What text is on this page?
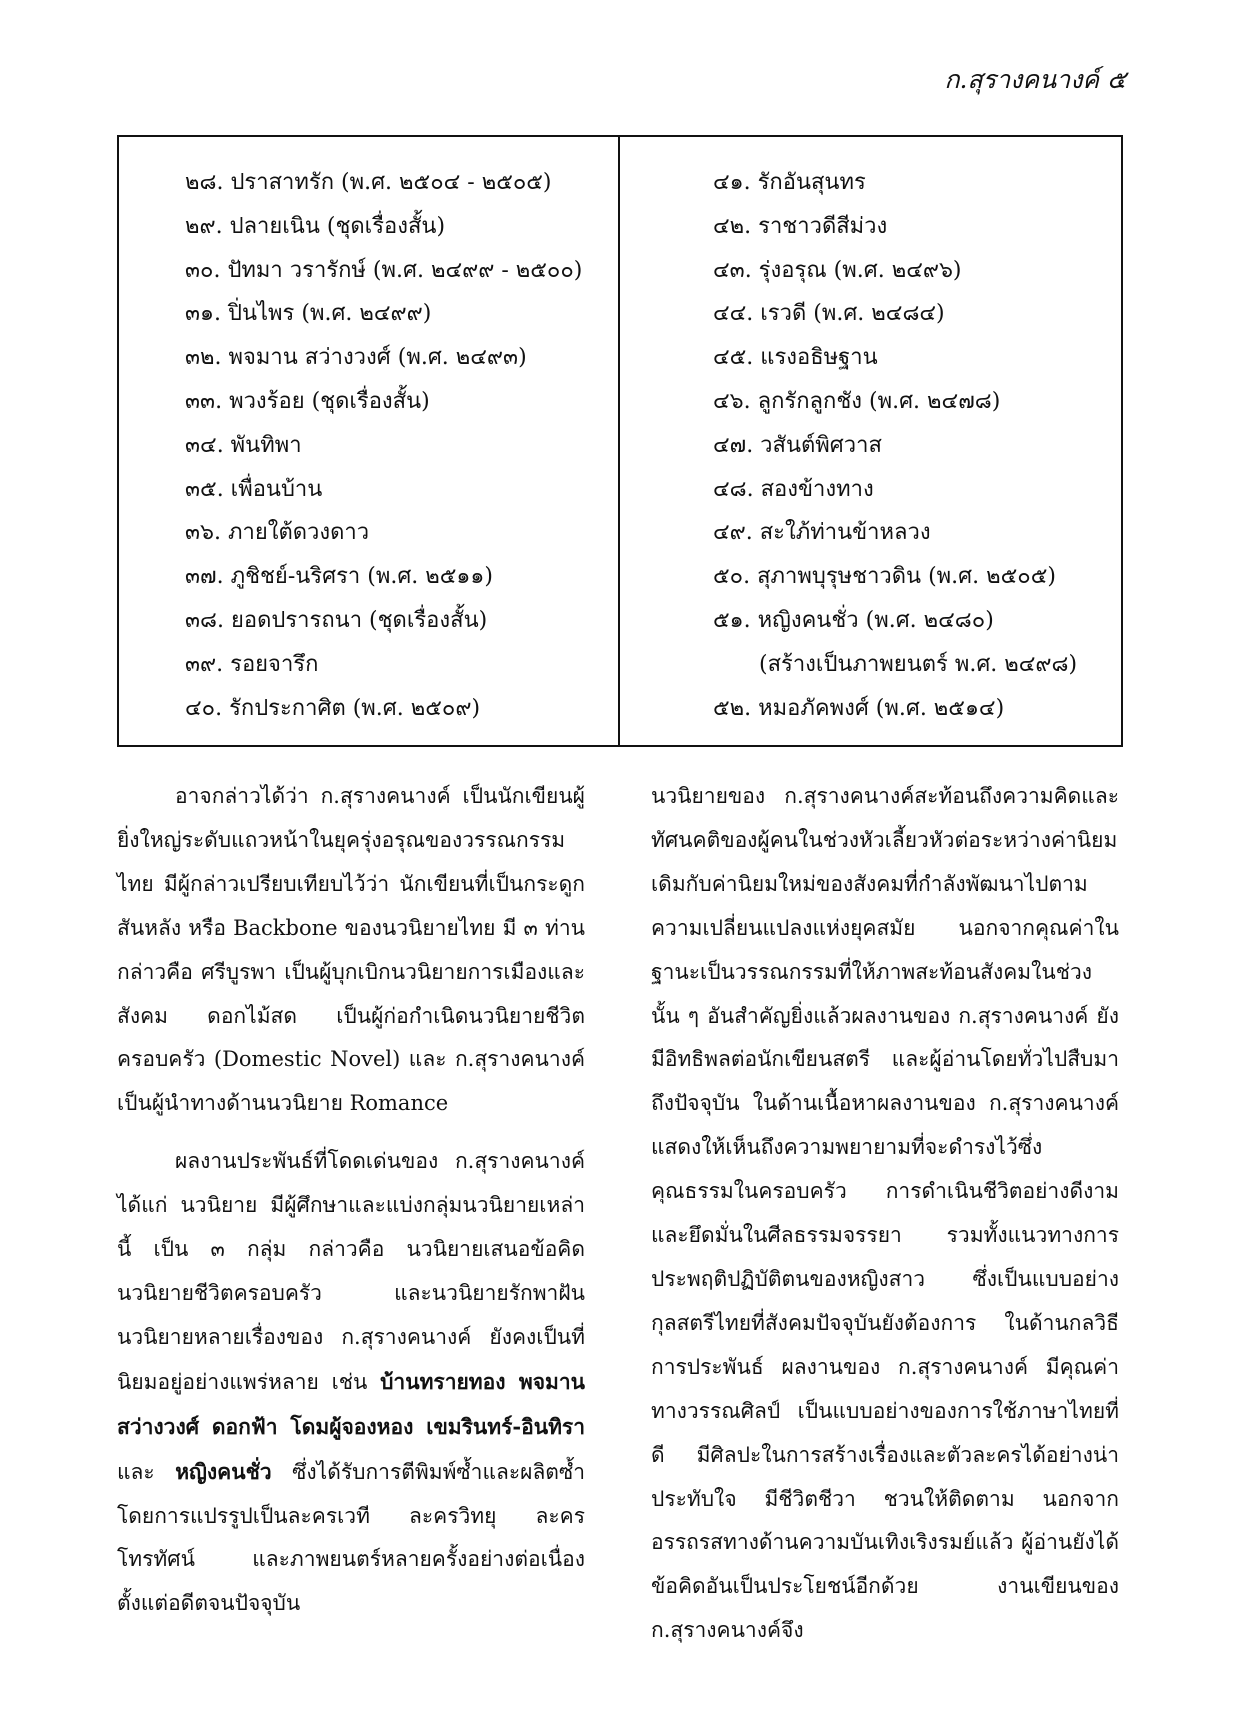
ก.สุรางคนางค์ ๕
๒๘. ปราสาทรัก (พ.ศ. ๒๕๐๔ - ๒๕๐๕)
๒๙. ปลายเนิน (ชุดเรื่องสั้น)
๓๐. ปัทมา วรารักษ์ (พ.ศ. ๒๔๙๙ - ๒๕๐๐)
๓๑. ปิ่นไพร (พ.ศ. ๒๔๙๙)
๓๒. พจมาน สว่างวงศ์ (พ.ศ. ๒๔๙๓)
๓๓. พวงร้อย (ชุดเรื่องสั้น)
๓๔. พันทิพา
๓๕. เพื่อนบ้าน
๓๖. ภายใต้ดวงดาว
๓๗. ภูชิชย์-นริศรา (พ.ศ. ๒๕๑๑)
๓๘. ยอดปรารถนา (ชุดเรื่องสั้น)
๓๙. รอยจารึก
๔๐. รักประกาศิต (พ.ศ. ๒๕๐๙)
๔๑. รักอันสุนทร
๔๒. ราชาวดีสีม่วง
๔๓. รุ่งอรุณ (พ.ศ. ๒๔๙๖)
๔๔. เรวดี (พ.ศ. ๒๔๘๔)
๔๕. แรงอธิษฐาน
๔๖. ลูกรักลูกชัง (พ.ศ. ๒๔๗๘)
๔๗. วสันต์พิศวาส
๔๘. สองข้างทาง
๔๙. สะใภ้ท่านข้าหลวง
๕๐. สุภาพบุรุษชาวดิน (พ.ศ. ๒๕๐๕)
๕๑. หญิงคนชั่ว (พ.ศ. ๒๔๘๐)
(สร้างเป็นภาพยนตร์ พ.ศ. ๒๔๙๘)
๕๒. หมอภัคพงศ์ (พ.ศ. ๒๕๑๔)

อาจกล่าวได้ว่า ก.สุรางคนางค์ เป็นนักเขียนผู้ยิ่งใหญ่ระดับแถวหน้าในยุครุ่งอรุณของวรรณกรรมไทย มีผู้กล่าวเปรียบเทียบไว้ว่า นักเขียนที่เป็นกระดูกสันหลัง หรือ Backbone ของนวนิยายไทย มี ๓ ท่าน กล่าวคือ ศรีบูรพา เป็นผู้บุกเบิกนวนิยายการเมืองและสังคม ดอกไม้สด เป็นผู้ก่อกำเนิดนวนิยายชีวิตครอบครัว (Domestic Novel) และ ก.สุรางคนางค์ เป็นผู้นำทางด้านนวนิยาย Romance

ผลงานประพันธ์ที่โดดเด่นของ ก.สุรางคนางค์ ได้แก่ นวนิยาย มีผู้ศึกษาและแบ่งกลุ่มนวนิยายเหล่านี้ เป็น ๓ กลุ่ม กล่าวคือ นวนิยายเสนอข้อคิด นวนิยายชีวิตครอบครัว และนวนิยายรักพาฝัน นวนิยายหลายเรื่องของ ก.สุรางคนางค์ ยังคงเป็นที่นิยมอยู่อย่างแพร่หลาย เช่น บ้านทรายทอง พจมาน สว่างวงศ์ ดอกฟ้า โดมผู้จองหอง เขมรินทร์-อินทิรา และ หญิงคนชั่ว ซึ่งได้รับการตีพิมพ์ซ้ำและผลิตซ้ำโดยการแปรรูปเป็นละครเวที ละครวิทยุ ละครโทรทัศน์ และภาพยนตร์หลายครั้งอย่างต่อเนื่องตั้งแต่อดีตจนปัจจุบัน

นวนิยายของ ก.สุรางคนางค์สะท้อนถึงความคิดและทัศนคติของผู้คนในช่วงหัวเลี้ยวหัวต่อระหว่างค่านิยมเดิมกับค่านิยมใหม่ของสังคมที่กำลังพัฒนาไปตามความเปลี่ยนแปลงแห่งยุคสมัย นอกจากคุณค่าในฐานะเป็นวรรณกรรมที่ให้ภาพสะท้อนสังคมในช่วงนั้น ๆ อันสำคัญยิ่งแล้วผลงานของ ก.สุรางคนางค์ ยังมีอิทธิพลต่อนักเขียนสตรี และผู้อ่านโดยทั่วไปสืบมาถึงปัจจุบัน ในด้านเนื้อหาผลงานของ ก.สุรางคนางค์ แสดงให้เห็นถึงความพยายามที่จะดำรงไว้ซึ่งคุณธรรมในครอบครัว การดำเนินชีวิตอย่างดีงามและยึดมั่นในศีลธรรมจรรยา รวมทั้งแนวทางการประพฤติปฏิบัติตนของหญิงสาว ซึ่งเป็นแบบอย่างกุลสตรีไทยที่สังคมปัจจุบันยังต้องการ ในด้านกลวิธีการประพันธ์ ผลงานของ ก.สุรางคนางค์ มีคุณค่าทางวรรณศิลป์ เป็นแบบอย่างของการใช้ภาษาไทยที่ดี มีศิลปะในการสร้างเรื่องและตัวละครได้อย่างน่าประทับใจ มีชีวิตชีวา ชวนให้ติดตาม นอกจากอรรถรสทางด้านความบันเทิงเริงรมย์แล้ว ผู้อ่านยังได้ข้อคิดอันเป็นประโยชน์อีกด้วย งานเขียนของ ก.สุรางคนางค์จึง
